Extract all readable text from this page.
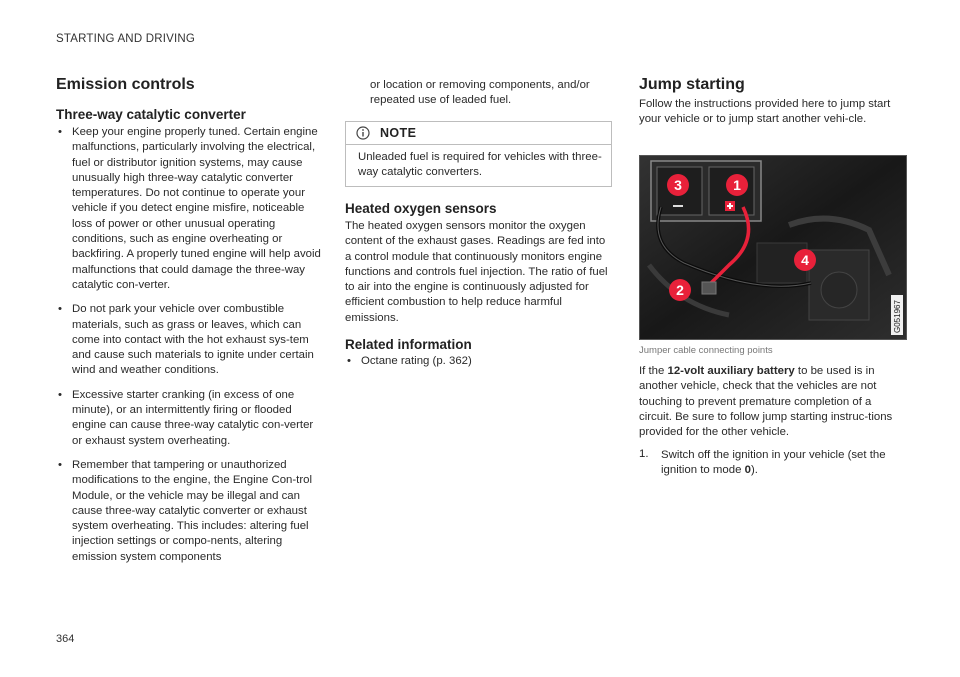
STARTING AND DRIVING
Emission controls
Three-way catalytic converter
• Keep your engine properly tuned. Certain engine malfunctions, particularly involving the electrical, fuel or distributor ignition systems, may cause unusually high three-way catalytic converter temperatures. Do not continue to operate your vehicle if you detect engine misfire, noticeable loss of power or other unusual operating conditions, such as engine overheating or backfiring. A properly tuned engine will help avoid malfunctions that could damage the three-way catalytic con-verter.
• Do not park your vehicle over combustible materials, such as grass or leaves, which can come into contact with the hot exhaust sys-tem and cause such materials to ignite under certain wind and weather conditions.
• Excessive starter cranking (in excess of one minute), or an intermittently firing or flooded engine can cause three-way catalytic con-verter or exhaust system overheating.
• Remember that tampering or unauthorized modifications to the engine, the Engine Con-trol Module, or the vehicle may be illegal and can cause three-way catalytic converter or exhaust system overheating. This includes: altering fuel injection settings or compo-nents, altering emission system components

or location or removing components, and/or repeated use of leaded fuel.

NOTE

Unleaded fuel is required for vehicles with three-way catalytic converters.

Heated oxygen sensors

The heated oxygen sensors monitor the oxygen content of the exhaust gases. Readings are fed into a control module that continuously monitors engine functions and controls fuel injection. The ratio of fuel to air into the engine is continuously adjusted for efficient combustion to help reduce harmful emissions.

Related information
• Octane rating (p. 362)
Jump starting

Follow the instructions provided here to jump start your vehicle or to jump start another vehi-cle.

3	1
4
2
G051967
Jumper cable connecting points

If the 12-volt auxiliary battery to be used is in another vehicle, check that the vehicles are not touching to prevent premature completion of a circuit. Be sure to follow jump starting instruc-tions provided for the other vehicle.

1.	Switch off the ignition in your vehicle (set the ignition to mode 0).

364
